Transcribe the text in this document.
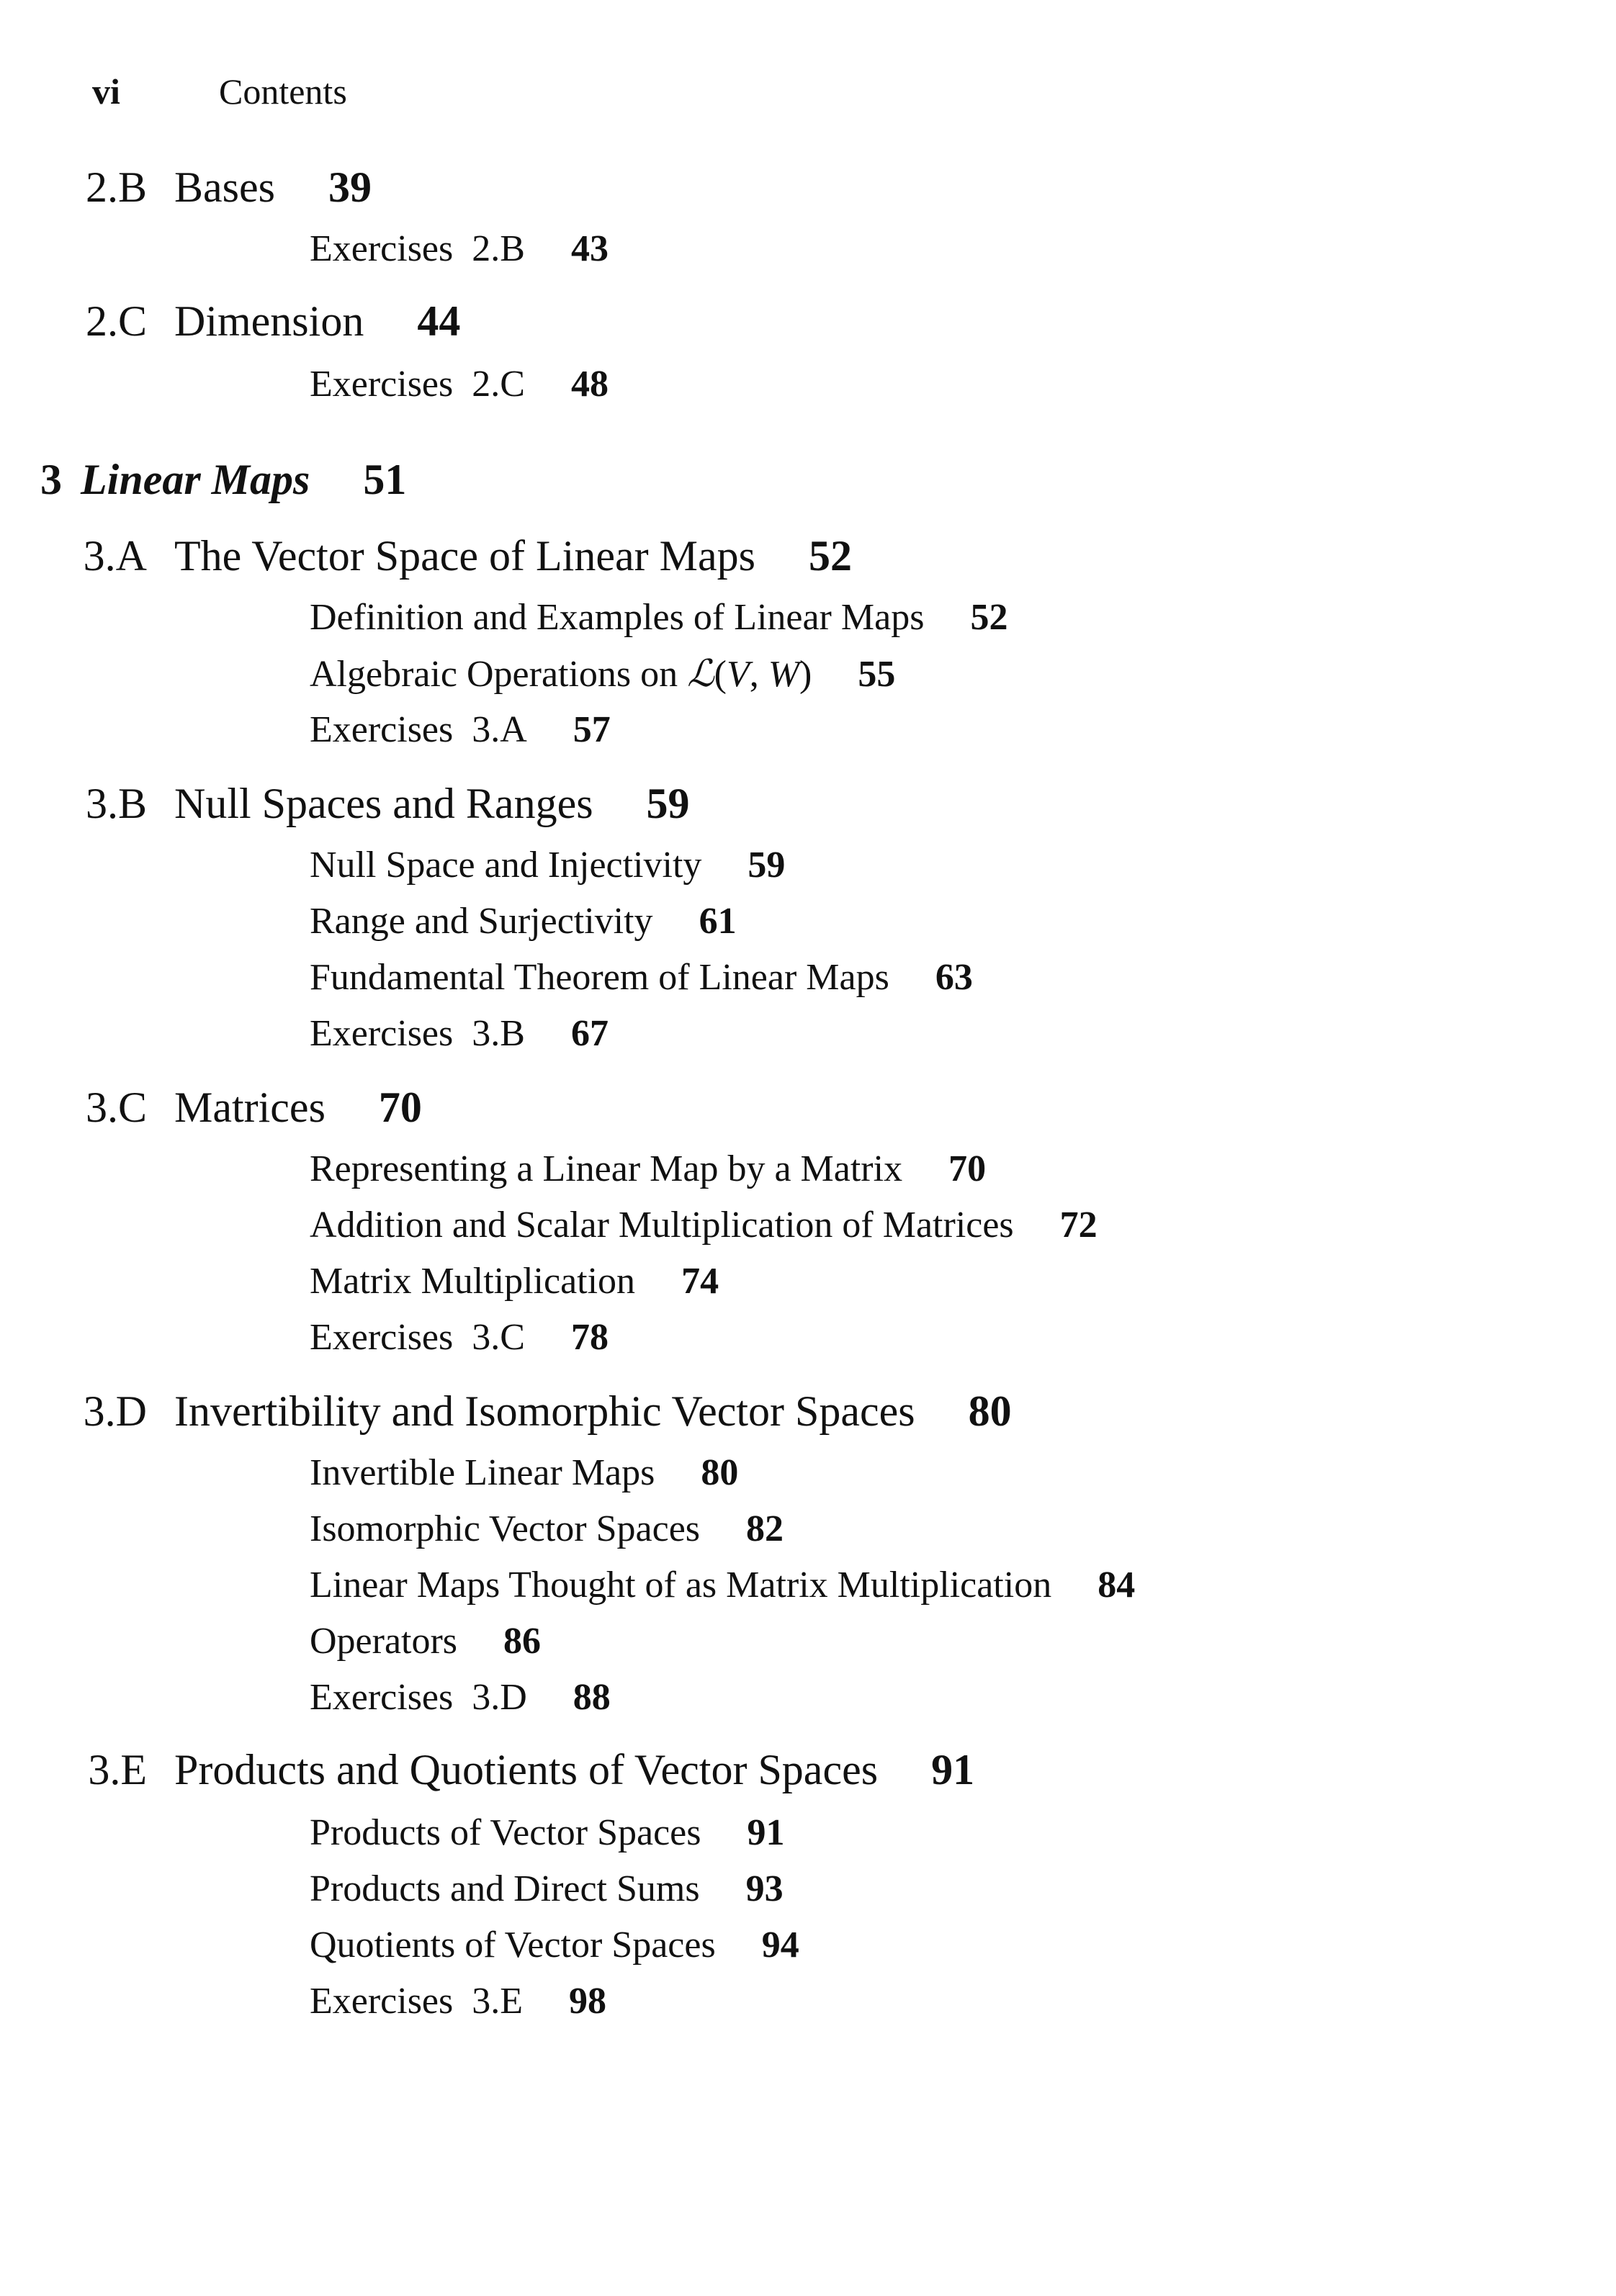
vi	Contents
2.B Bases 39
Exercises  2.B 43
2.C Dimension 44
Exercises  2.C 48
3 Linear Maps 51
3.A The Vector Space of Linear Maps 52
Definition and Examples of Linear Maps 52
Algebraic Operations on ℒ(V, W) 55
Exercises  3.A 57
3.B Null Spaces and Ranges 59
Null Space and Injectivity 59
Range and Surjectivity 61
Fundamental Theorem of Linear Maps 63
Exercises  3.B 67
3.C Matrices 70
Representing a Linear Map by a Matrix 70
Addition and Scalar Multiplication of Matrices 72
Matrix Multiplication 74
Exercises  3.C 78
3.D Invertibility and Isomorphic Vector Spaces 80
Invertible Linear Maps 80
Isomorphic Vector Spaces 82
Linear Maps Thought of as Matrix Multiplication 84
Operators 86
Exercises  3.D 88
3.E Products and Quotients of Vector Spaces 91
Products of Vector Spaces 91
Products and Direct Sums 93
Quotients of Vector Spaces 94
Exercises  3.E 98
